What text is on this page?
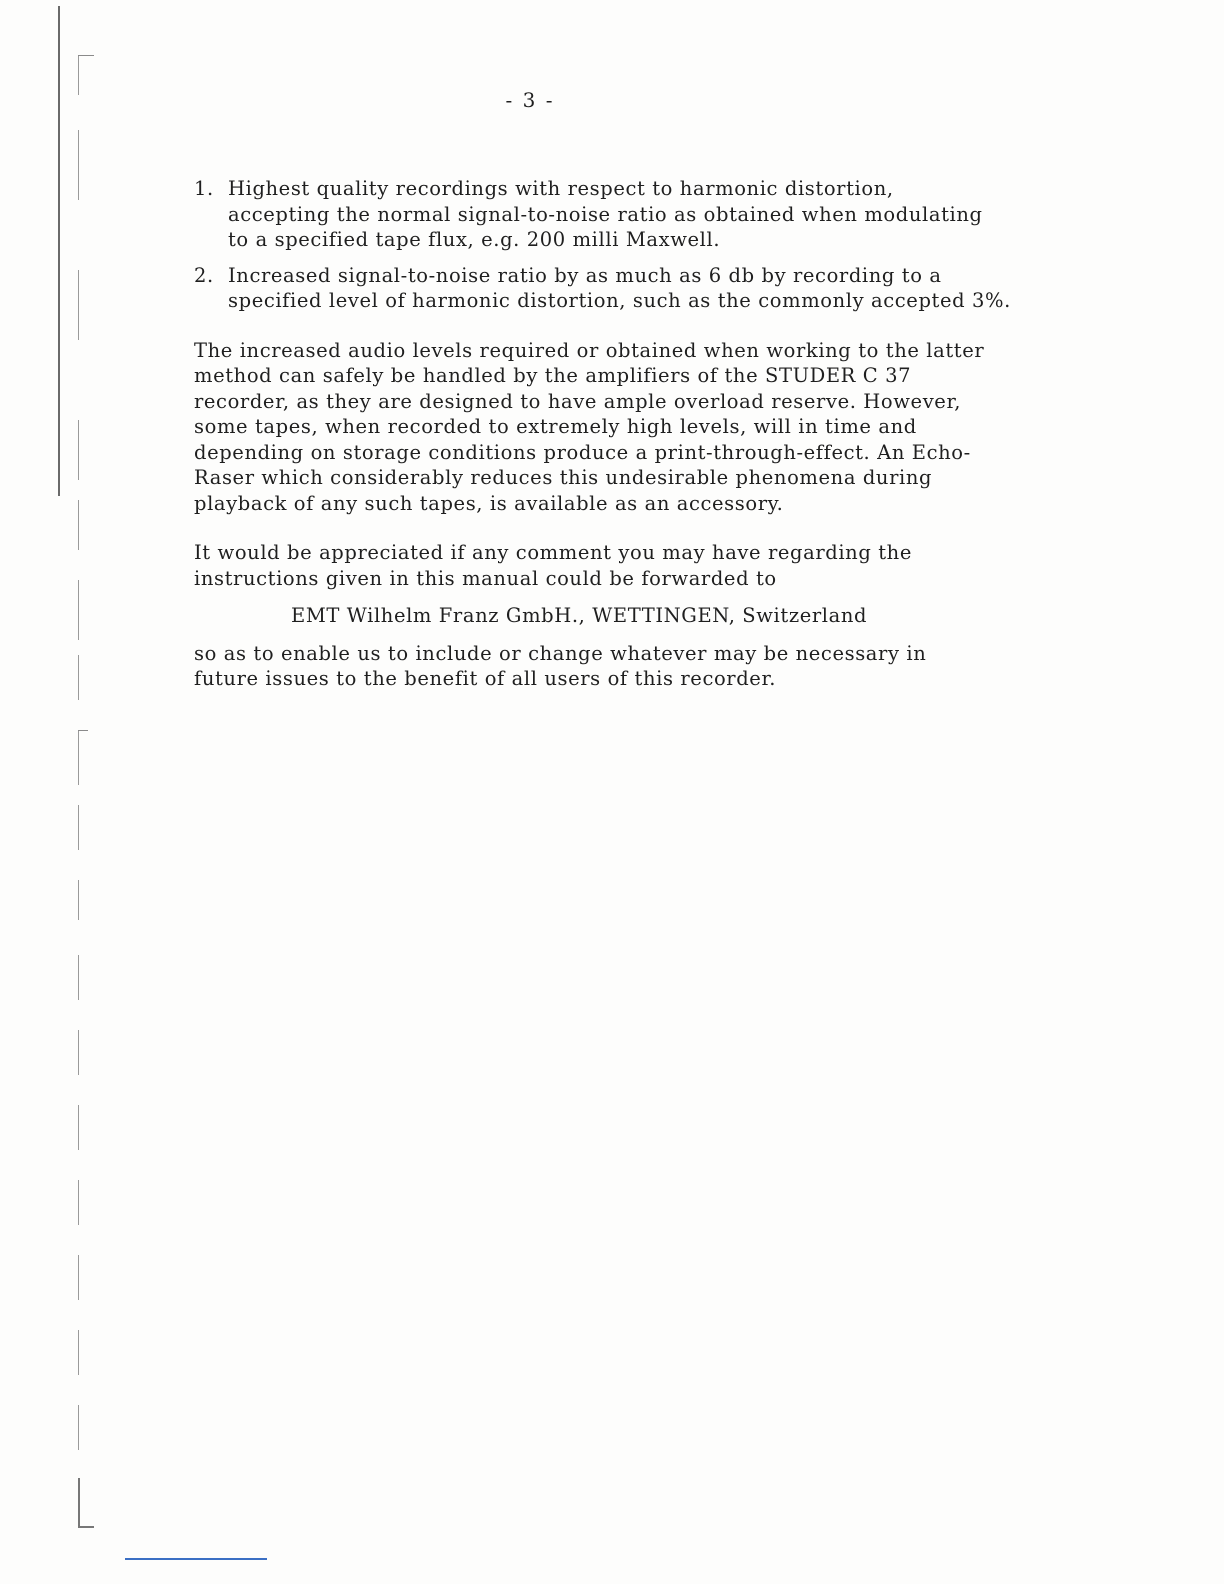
- 3 -
1. Highest quality recordings with respect to harmonic distortion,
accepting the normal signal-to-noise ratio as obtained when modulating
to a specified tape flux, e.g. 200 milli Maxwell.
2. Increased signal-to-noise ratio by as much as 6 db by recording to a
specified level of harmonic distortion, such as the commonly accepted 3%.
The increased audio levels required or obtained when working to the latter
method can safely be handled by the amplifiers of the STUDER C 37
recorder, as they are designed to have ample overload reserve. However,
some tapes, when recorded to extremely high levels, will in time and
depending on storage conditions produce a print-through-effect. An Echo-
Raser which considerably reduces this undesirable phenomena during
playback of any such tapes, is available as an accessory.
It would be appreciated if any comment you may have regarding the
instructions given in this manual could be forwarded to
EMT Wilhelm Franz GmbH., WETTINGEN, Switzerland
so as to enable us to include or change whatever may be necessary in
future issues to the benefit of all users of this recorder.
